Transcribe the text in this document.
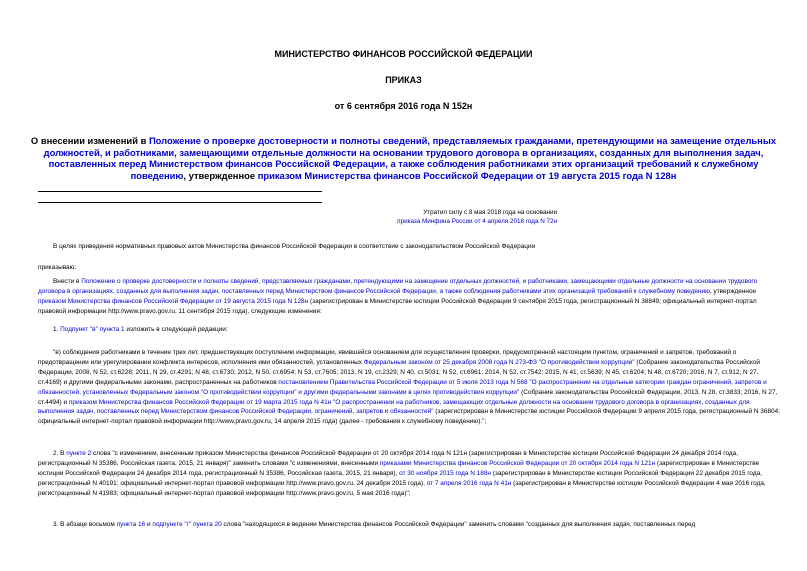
МИНИСТЕРСТВО ФИНАНСОВ РОССИЙСКОЙ ФЕДЕРАЦИИ
ПРИКАЗ
от 6 сентября 2016 года N 152н
О внесении изменений в Положение о проверке достоверности и полноты сведений, представляемых гражданами, претендующими на замещение отдельных должностей, и работниками, замещающими отдельные должности на основании трудового договора в организациях, созданных для выполнения задач, поставленных перед Министерством финансов Российской Федерации, а также соблюдения работниками этих организаций требований к служебному поведению, утвержденное приказом Министерства финансов Российской Федерации от 19 августа 2015 года N 128н
Утратил силу с 8 мая 2018 года на основании
приказа Минфина России от 4 апреля 2018 года N 72н
В целях приведения нормативных правовых актов Министерства финансов Российской Федерации в соответствие с законодательством Российской Федерации
приказываю:
Внести в Положение о проверке достоверности и полноты сведений, представляемых гражданами, претендующими на замещение отдельных должностей, и работниками, замещающими отдельные должности на основании трудового договора в организациях, созданных для выполнения задач, поставленных перед Министерством финансов Российской Федерации, а также соблюдения работниками этих организаций требований к служебному поведению, утвержденное приказом Министерства финансов Российской Федерации от 19 августа 2015 года N 128н (зарегистрирован в Министерстве юстиции Российской Федерации 9 сентября 2015 года, регистрационный N 38849; официальный интернет-портал правовой информации http://www.pravo.gov.ru, 11 сентября 2015 года), следующие изменения:
1. Подпункт "в" пункта 1 изложить в следующей редакции:
"в) соблюдения работниками в течение трех лет, предшествующих поступлению информации, явившейся основанием для осуществления проверки, предусмотренной настоящим пунктом, ограничений и запретов, требований о предотвращении или урегулировании конфликта интересов, исполнения ими обязанностей, установленных Федеральным законом от 25 декабря 2008 года N 273-ФЗ "О противодействии коррупции" (Собрание законодательства Российской Федерации, 2008, N 52, ст.6228; 2011, N 29, ст.4291; N 48, ст.6730; 2012, N 50, ст.6954; N 53, ст.7605; 2013, N 19, ст.2329; N 40, ст.5031; N 52, ст.6961; 2014, N 52, ст.7542; 2015, N 41, ст.5639; N 45, ст.6204; N 48, ст.6720; 2016, N 7, ст.912; N 27, ст.4169) и другими федеральными законами, распространенных на работников постановлением Правительства Российской Федерации от 5 июля 2013 года N 568 "О распространении на отдельные категории граждан ограничений, запретов и обязанностей, установленных Федеральным законом "О противодействии коррупции" и другими федеральными законами в целях противодействия коррупции" (Собрание законодательства Российской Федерации, 2013, N 28, ст.3833; 2016, N 27, ст.4494) и приказом Министерства финансов Российской Федерации от 19 марта 2015 года N 41н "О распространении на работников, замещающих отдельные должности на основании трудового договора в организациях, созданных для выполнения задач, поставленных перед Министерством финансов Российской Федерации, ограничений, запретов и обязанностей" (зарегистрирован в Министерстве юстиции Российской Федерации 9 апреля 2015 года, регистрационный N 36804; официальный интернет-портал правовой информации http://www.pravo.gov.ru, 14 апреля 2015 года) (далее - требования к служебному поведению).";
2. В пункте 2 слова "с изменением, внесенным приказом Министерства финансов Российской Федерации от 20 октября 2014 года N 121н (зарегистрирован в Министерстве юстиции Российской Федерации 24 декабря 2014 года, регистрационный N 35386, Российская газета, 2015, 21 января)" заменить словами "с изменениями, внесенными приказами Министерства финансов Российской Федерации от 20 октября 2014 года N 121н (зарегистрирован в Министерстве юстиции Российской Федерации 24 декабря 2014 года, регистрационный N 35386, Российская газета, 2015, 21 января), от 30 ноября 2015 года N 188н (зарегистрирован в Министерстве юстиции Российской Федерации 22 декабря 2015 года, регистрационный N 40191; официальный интернет-портал правовой информации http://www.pravo.gov.ru, 24 декабря 2015 года), от 7 апреля 2016 года N 41н (зарегистрирован в Министерстве юстиции Российской Федерации 4 мая 2016 года, регистрационный N 41983; официальный интернет-портал правовой информации http://www.pravo.gov.ru, 5 мая 2016 года)";
3. В абзаце восьмом пункта 16 и подпункте "г" пункта 20 слова "находящихся в ведении Министерства финансов Российской Федерации" заменить словами "созданных для выполнения задач, поставленных перед
